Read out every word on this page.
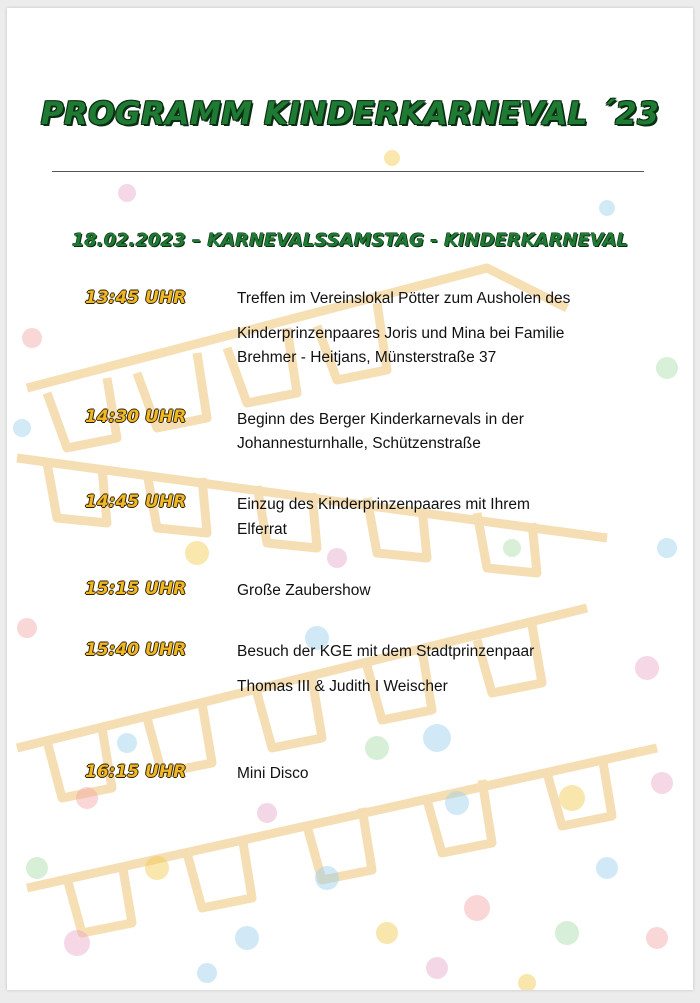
PROGRAMM KINDERKARNEVAL ´23
18.02.2023 – KARNEVALSSAMSTAG - KINDERKARNEVAL
13:45 UHR	Treffen im Vereinslokal Pötter zum Ausholen des
Kinderprinzenpaares Joris und Mina bei Familie
Brehmer - Heitjans, Münsterstraße 37
14:30 UHR	Beginn des Berger Kinderkarnevals in der
Johannesturnhalle, Schützenstraße
14:45 UHR	Einzug des Kinderprinzenpaares mit Ihrem
Elferrat
15:15 UHR	Große Zaubershow
15:40 UHR	Besuch der KGE mit dem Stadtprinzenpaar
Thomas III & Judith I Weischer
16:15 UHR	Mini Disco
